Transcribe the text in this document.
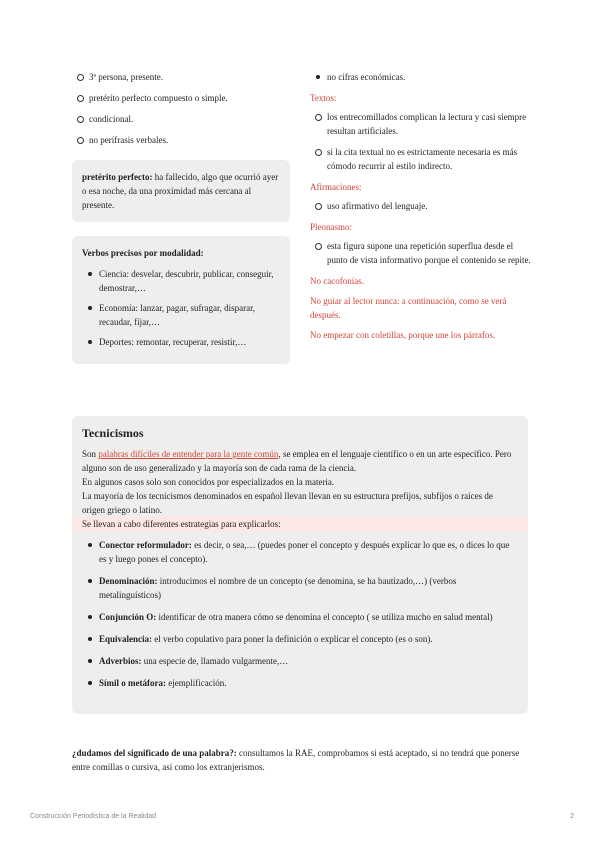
3ª persona, presente.
pretérito perfecto compuesto o simple.
condicional.
no perífrasis verbales.
pretérito perfecto: ha fallecido, algo que ocurrió ayer o esa noche, da una proximidad más cercana al presente.
Verbos precisos por modalidad:
Ciencia: desvelar, descubrir, publicar, conseguir, demostrar,…
Economía: lanzar, pagar, sufragar, disparar, recaudar, fijar,…
Deportes: remontar, recuperar, resistir,…
no cifras económicas.
Textos:
los entrecomillados complican la lectura y casi siempre resultan artificiales.
si la cita textual no es estrictamente necesaria es más cómodo recurrir al estilo indirecto.
Afirmaciones:
uso afirmativo del lenguaje.
Pleonasmo:
esta figura supone una repetición superflua desde el punto de vista informativo porque el contenido se repite.
No cacofonías.
No guiar al lector nunca: a continuación, como se verá después.
No empezar con coletillas, porque une los párrafos.
Tecnicismos
Son palabras difíciles de entender para la gente común, se emplea en el lenguaje científico o en un arte específico. Pero alguno son de uso generalizado y la mayoría son de cada rama de la ciencia.
En algunos casos solo son conocidos por especializados en la materia.
La mayoría de los tecnicismos denominados en español llevan llevan en su estructura prefijos, subfijos o raíces de origen griego o latino.
Se llevan a cabo diferentes estrategias para explicarlos:
Conector reformulador: es decir, o sea,… (puedes poner el concepto y después explicar lo que es, o dices lo que es y luego pones el concepto).
Denominación: introducimos el nombre de un concepto (se denomina, se ha bautizado,…) (verbos metalinguísticos)
Conjunción O: identificar de otra manera cómo se denomina el concepto ( se utiliza mucho en salud mental)
Equivalencia: el verbo copulativo para poner la definición o explicar el concepto (es o son).
Adverbios: una especie de, llamado vulgarmente,…
Símil o metáfora: ejemplificación.
¿dudamos del significado de una palabra?: consultamos la RAE, comprobamos si está aceptado, si no tendrá que ponerse entre comillas o cursiva, así como los extranjerismos.
Construcción Periodística de la Realidad	2
